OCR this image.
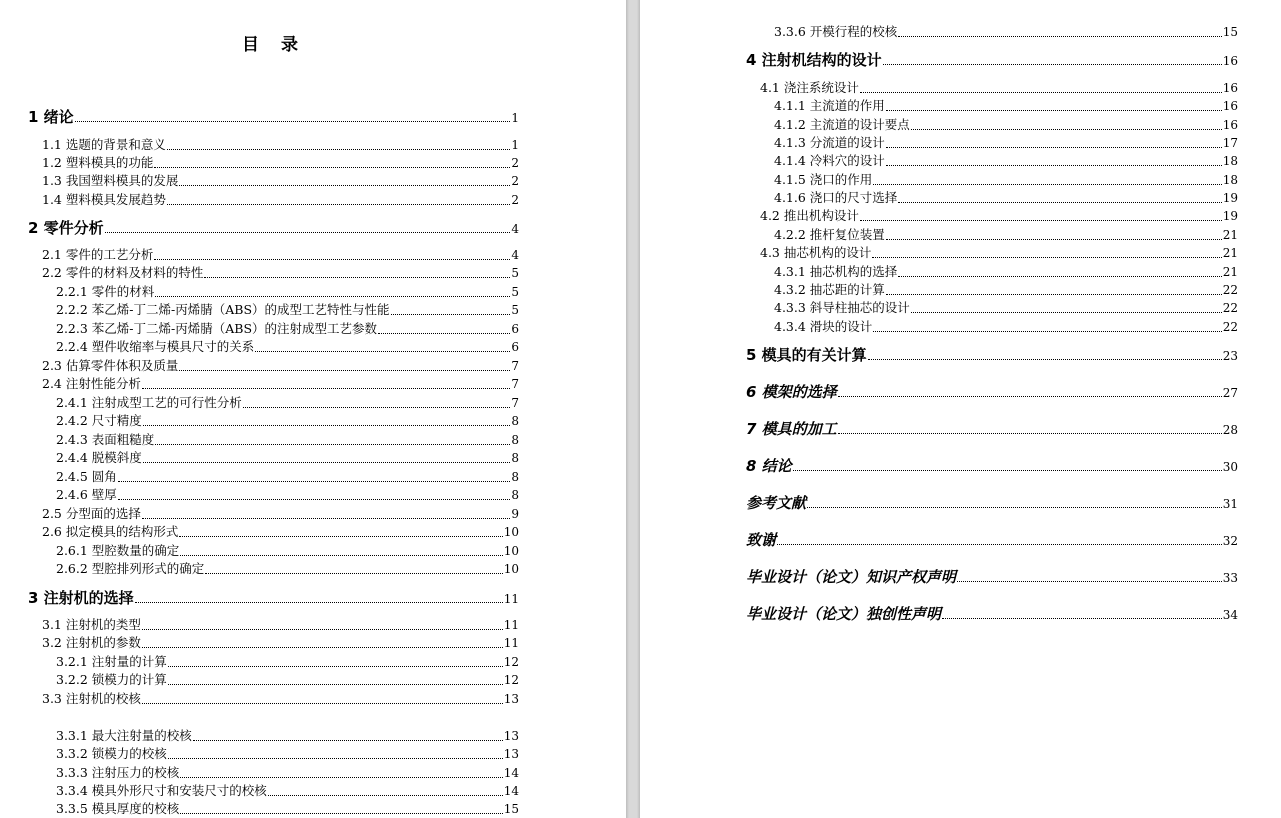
目 录
1 绪论	1
1.1 选题的背景和意义	1
1.2 塑料模具的功能	2
1.3 我国塑料模具的发展	2
1.4 塑料模具发展趋势	2
2 零件分析	4
2.1 零件的工艺分析	4
2.2 零件的材料及材料的特性	5
2.2.1 零件的材料	5
2.2.2 苯乙烯-丁二烯-丙烯腈（ABS）的成型工艺特性与性能	5
2.2.3 苯乙烯-丁二烯-丙烯腈（ABS）的注射成型工艺参数	6
2.2.4 塑件收缩率与模具尺寸的关系	6
2.3 估算零件体积及质量	7
2.4 注射性能分析	7
2.4.1 注射成型工艺的可行性分析	7
2.4.2 尺寸精度	8
2.4.3 表面粗糙度	8
2.4.4 脱模斜度	8
2.4.5 圆角	8
2.4.6 壁厚	8
2.5 分型面的选择	9
2.6 拟定模具的结构形式	10
2.6.1 型腔数量的确定	10
2.6.2 型腔排列形式的确定	10
3 注射机的选择	11
3.1 注射机的类型	11
3.2 注射机的参数	11
3.2.1 注射量的计算	12
3.2.2 锁模力的计算	12
3.3 注射机的校核	13
3.3.1 最大注射量的校核	13
3.3.2 锁模力的校核	13
3.3.3 注射压力的校核	14
3.3.4 模具外形尺寸和安装尺寸的校核	14
3.3.5 模具厚度的校核	15
3.3.6 开模行程的校核	15
4 注射机结构的设计	16
4.1 浇注系统设计	16
4.1.1 主流道的作用	16
4.1.2 主流道的设计要点	16
4.1.3 分流道的设计	17
4.1.4 冷料穴的设计	18
4.1.5 浇口的作用	18
4.1.6 浇口的尺寸选择	19
4.2 推出机构设计	19
4.2.2 推杆复位装置	21
4.3 抽芯机构的设计	21
4.3.1 抽芯机构的选择	21
4.3.2 抽芯距的计算	22
4.3.3 斜导柱抽芯的设计	22
4.3.4 滑块的设计	22
5 模具的有关计算	23
6 模架的选择	27
7 模具的加工	28
8 结论	30
参考文献	31
致谢	32
毕业设计（论文）知识产权声明	33
毕业设计（论文）独创性声明	34
